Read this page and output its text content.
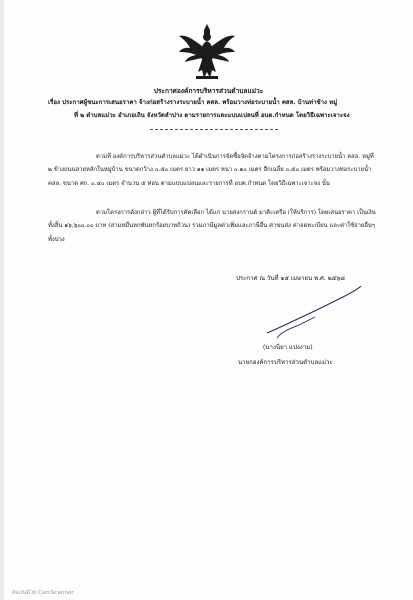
ประกาศองค์การบริหารส่วนตำบลแม่วะ
เรื่อง ประกาศผู้ชนะการเสนอราคา จ้างก่อสร้างรางระบายน้ำ คสล. พร้อมวางท่อระบายน้ำ คสล. บ้านท่าช้าง หมู่
ที่ ๒ ตำบลแม่วะ อำเภอเถิน จังหวัดลำปาง ตามรายการและแบบแปลนที่ อบต.กำหนด โดยวิธีเฉพาะเจาะจง
ตามที่ องค์การบริหารส่วนตำบลแม่วะ ได้ดำเนินการจัดซื้อจัดจ้างตามโครงการก่อสร้างรางระบายน้ำ คสล. หมู่ที่ ๒ ข้างถนนสายหลักในหมู่บ้าน ขนาดกว้าง ๐.๕๐ เมตร ยาว ๑๑ เมตร หนา ๐.๑๐ เมตร ลึกเฉลี่ย ๐.๕๐ เมตร พร้อมวางท่อระบายน้ำ คสล. ขนาด ศก. ๐.๔๐ เมตร จำนวน ๕ ท่อน ตามแบบแปลนและรายการที่ อบต.กำหนด โดยวิธีเฉพาะเจาะจง นั้น
ตามโครงการดังกล่าว ผู้ที่ได้รับการคัดเลือก ได้แก่ นายสงกรานต์ มาติะเครือ (ให้บริการ) โดยเสนอราคา เป็นเงินทั้งสิ้น ๑๖,๖๐๐.๐๐ บาท (สามหมื่นหกพันหกร้อยบาทถ้วน) รวมภาษีมูลค่าเพิ่มและภาษีอื่น ค่าขนส่ง ค่าจดทะเบียน และค่าใช้จ่ายอื่นๆ ทั้งปวง
ประกาศ ณ วันที่ ๑๕ เมษายน พ.ศ. ๒๕๖๘
(นางนิ่ยา แปงงาม)
นายกองค์การบริหารส่วนตำบลแม่วะ
สแกนด้วย CamScanner
